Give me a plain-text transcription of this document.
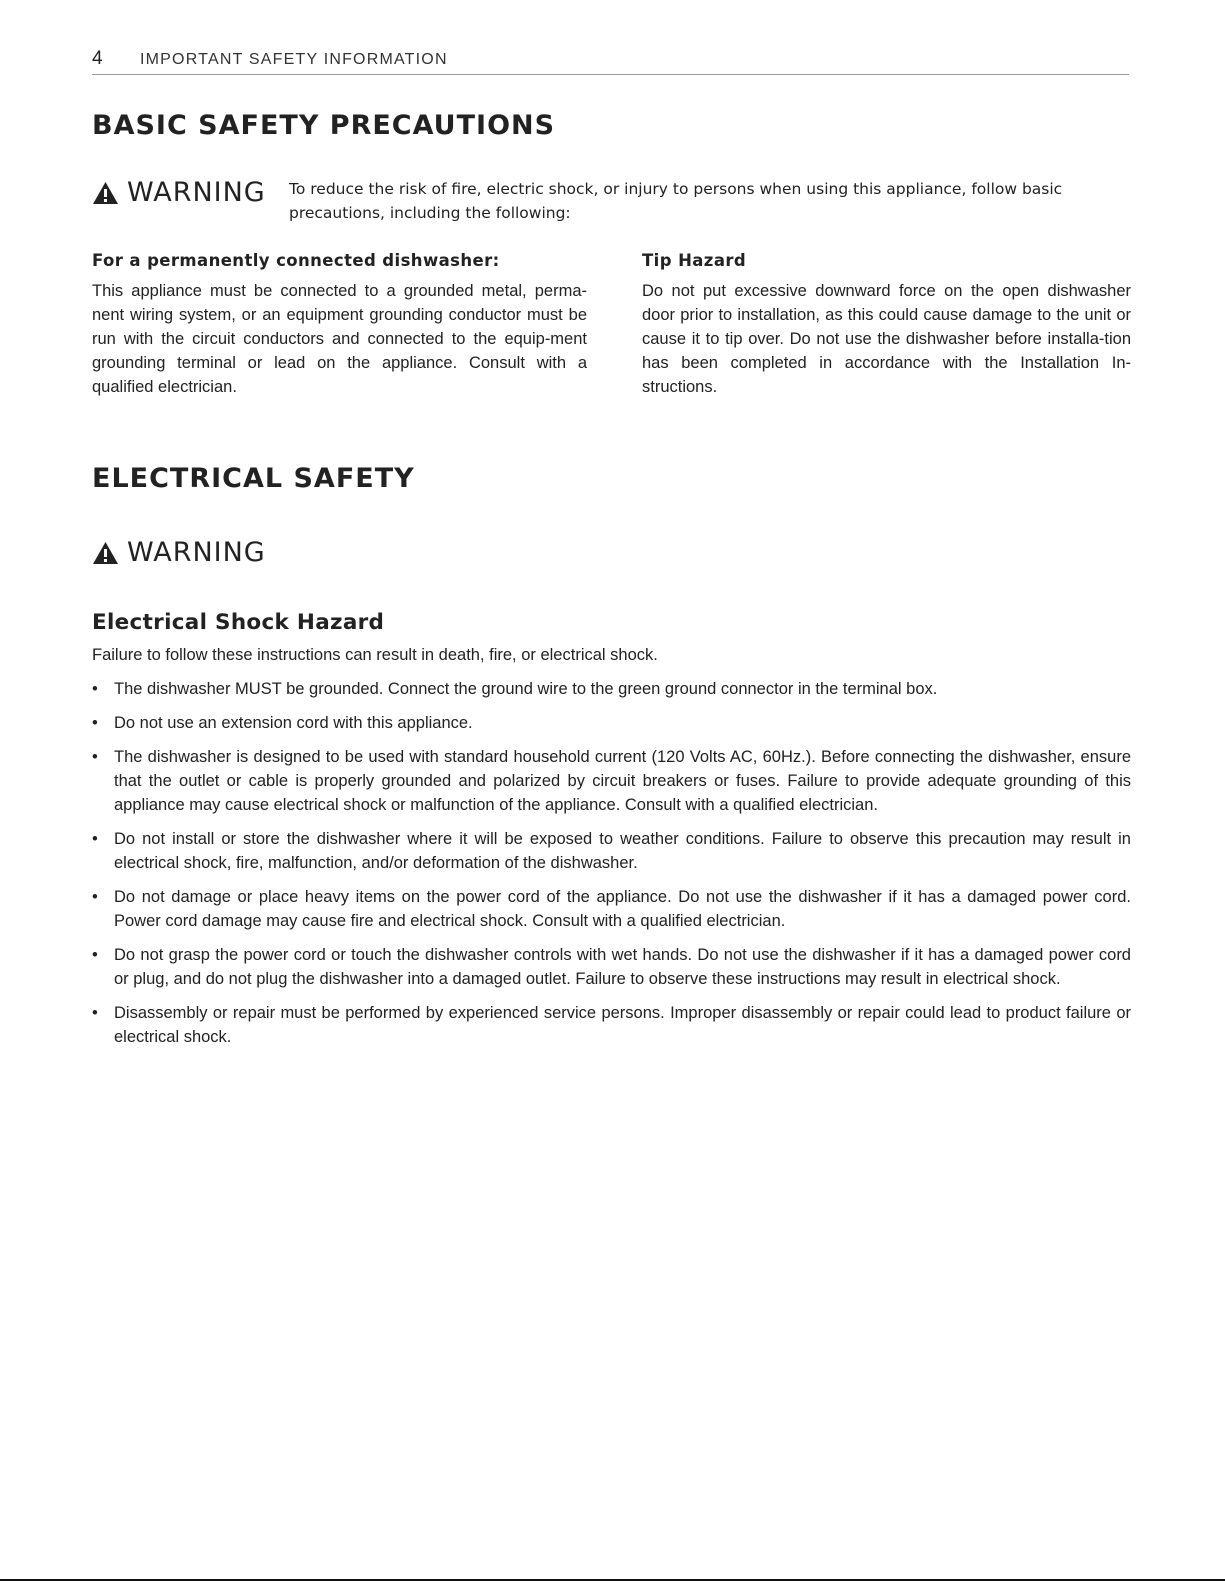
4 IMPORTANT SAFETY INFORMATION
BASIC SAFETY PRECAUTIONS
WARNING To reduce the risk of fire, electric shock, or injury to persons when using this appliance, follow basic precautions, including the following:
For a permanently connected dishwasher:

This appliance must be connected to a grounded metal, perma-nent wiring system, or an equipment grounding conductor must be run with the circuit conductors and connected to the equip-ment grounding terminal or lead on the appliance. Consult with a qualified electrician.

Tip Hazard

Do not put excessive downward force on the open dishwasher door prior to installation, as this could cause damage to the unit or cause it to tip over. Do not use the dishwasher before installa-tion has been completed in accordance with the Installation In-structions.

ELECTRICAL SAFETY
WARNING
Electrical Shock Hazard

Failure to follow these instructions can result in death, fire, or electrical shock.

• The dishwasher MUST be grounded. Connect the ground wire to the green ground connector in the terminal box.
• Do not use an extension cord with this appliance.
• The dishwasher is designed to be used with standard household current (120 Volts AC, 60Hz.). Before connecting the dishwasher, ensure that the outlet or cable is properly grounded and polarized by circuit breakers or fuses. Failure to provide adequate grounding of this appliance may cause electrical shock or malfunction of the appliance. Consult with a qualified electrician.
• Do not install or store the dishwasher where it will be exposed to weather conditions. Failure to observe this precaution may result in electrical shock, fire, malfunction, and/or deformation of the dishwasher.
• Do not damage or place heavy items on the power cord of the appliance. Do not use the dishwasher if it has a damaged power cord. Power cord damage may cause fire and electrical shock. Consult with a qualified electrician.
• Do not grasp the power cord or touch the dishwasher controls with wet hands. Do not use the dishwasher if it has a damaged power cord or plug, and do not plug the dishwasher into a damaged outlet. Failure to observe these instructions may result in electrical shock.
• Disassembly or repair must be performed by experienced service persons. Improper disassembly or repair could lead to product failure or electrical shock.
